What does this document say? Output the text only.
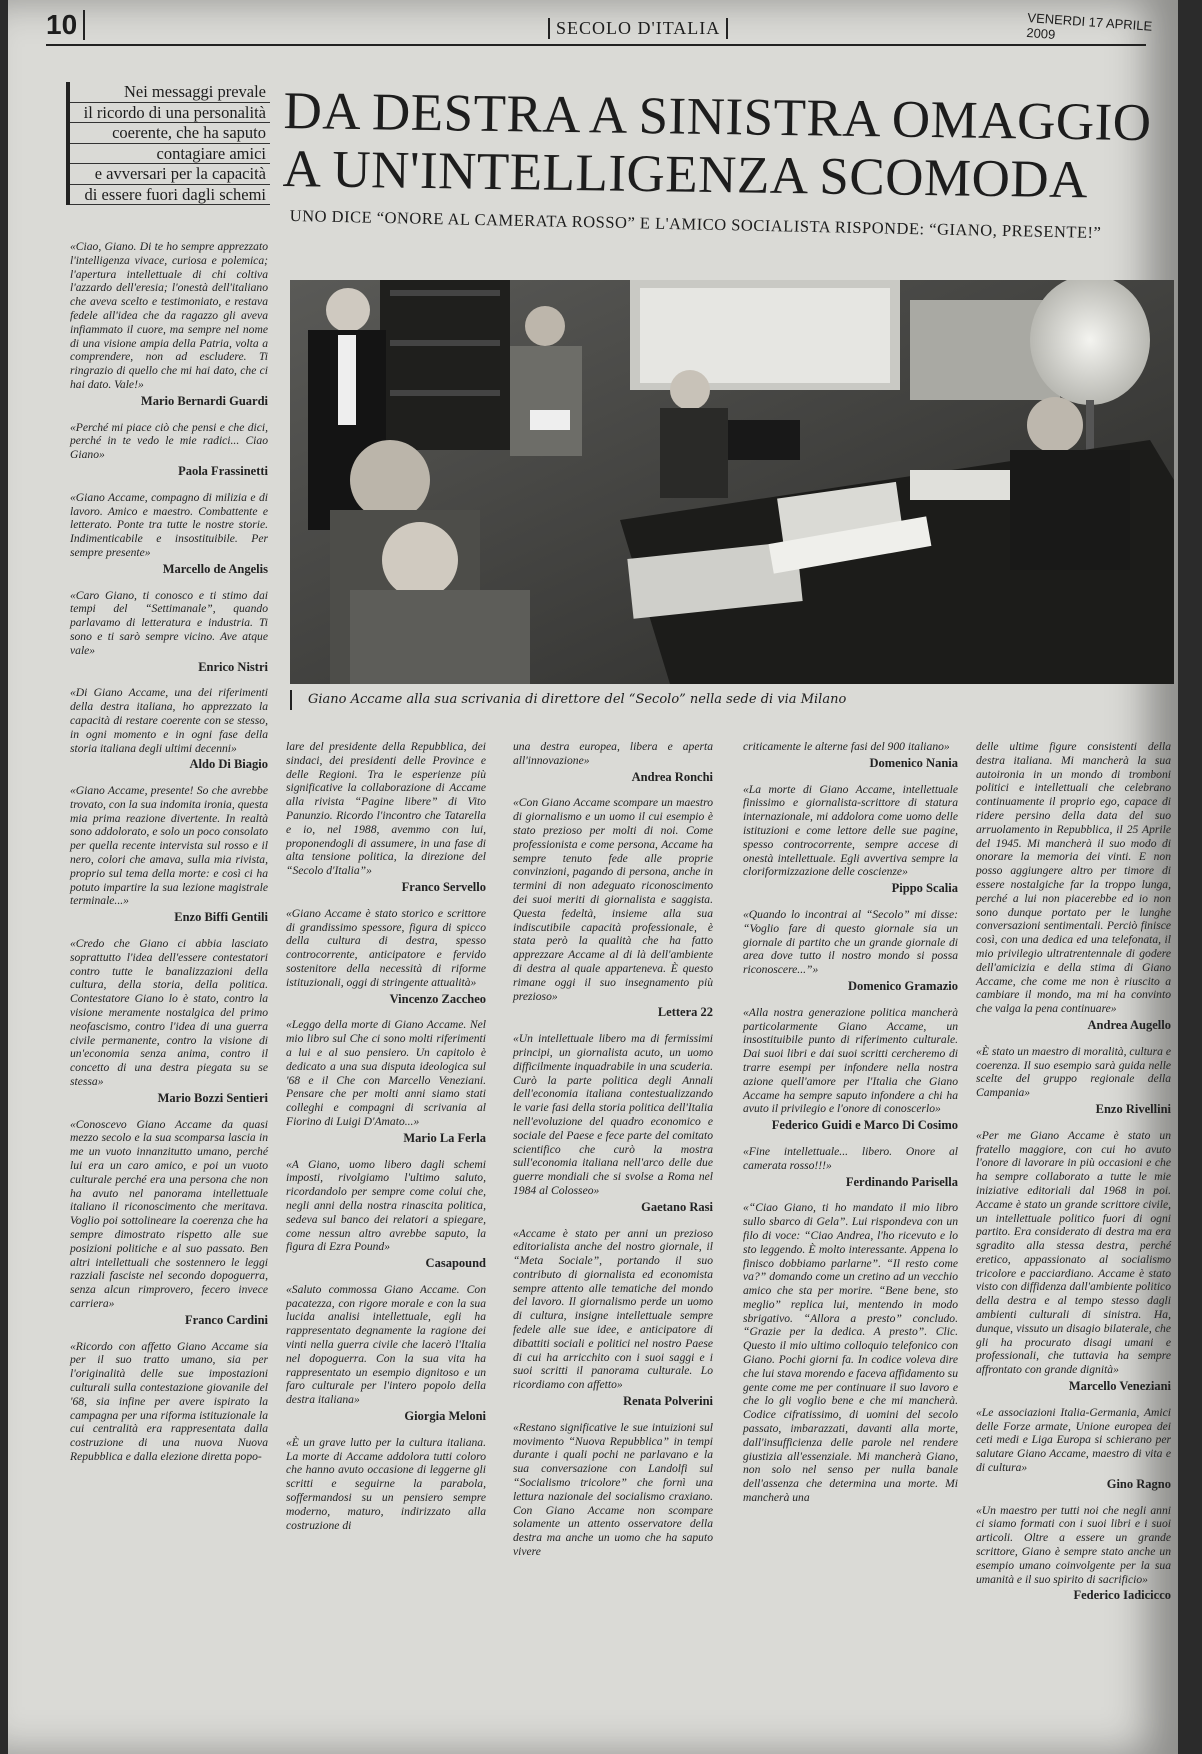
10	SECOLO D'ITALIA	VENERDI 17 APRILE 2009
Nei messaggi prevale
il ricordo di una personalità
coerente, che ha saputo
contagiare amici
e avversari per la capacità
di essere fuori dagli schemi
DA DESTRA A SINISTRA OMAGGIO
A UN'INTELLIGENZA SCOMODA
UNO DICE “ONORE AL CAMERATA ROSSO” E L'AMICO SOCIALISTA RISPONDE: “GIANO, PRESENTE!”
Giano Accame alla sua scrivania di direttore del “Secolo” nella sede di via Milano

«Ciao, Giano. Di te ho sempre apprezzato l'intelligenza vivace, curiosa e polemica; l'apertura intellettuale di chi coltiva l'azzardo dell'eresia; l'onestà dell'italiano che aveva scelto e testimoniato, e restava fedele all'idea che da ragazzo gli aveva infiammato il cuore, ma sempre nel nome di una visione ampia della Patria, volta a comprendere, non ad escludere. Ti ringrazio di quello che mi hai dato, che ci hai dato. Vale!»

Mario Bernardi Guardi

«Perché mi piace ciò che pensi e che dici, perché in te vedo le mie radici... Ciao Giano»

Paola Frassinetti

«Giano Accame, compagno di milizia e di lavoro. Amico e maestro. Combattente e letterato. Ponte tra tutte le nostre storie. Indimenticabile e insostituibile. Per sempre presente»

Marcello de Angelis

«Caro Giano, ti conosco e ti stimo dai tempi del “Settimanale”, quando parlavamo di letteratura e industria. Ti sono e ti sarò sempre vicino. Ave atque vale»

Enrico Nistri

«Di Giano Accame, una dei riferimenti della destra italiana, ho apprezzato la capacità di restare coerente con se stesso, in ogni momento e in ogni fase della storia italiana degli ultimi decenni»

Aldo Di Biagio

«Giano Accame, presente! So che avrebbe trovato, con la sua indomita ironia, questa mia prima reazione divertente. In realtà sono addolorato, e solo un poco consolato per quella recente intervista sul rosso e il nero, colori che amava, sulla mia rivista, proprio sul tema della morte: e così ci ha potuto impartire la sua lezione magistrale terminale...»

Enzo Biffi Gentili

«Credo che Giano ci abbia lasciato soprattutto l'idea dell'essere contestatori contro tutte le banalizzazioni della cultura, della storia, della politica. Contestatore Giano lo è stato, contro la visione meramente nostalgica del primo neofascismo, contro l'idea di una guerra civile permanente, contro la visione di un'economia senza anima, contro il concetto di una destra piegata su se stessa»

Mario Bozzi Sentieri

«Conoscevo Giano Accame da quasi mezzo secolo e la sua scomparsa lascia in me un vuoto innanzitutto umano, perché lui era un caro amico, e poi un vuoto culturale perché era una persona che non ha avuto nel panorama intellettuale italiano il riconoscimento che meritava. Voglio poi sottolineare la coerenza che ha sempre dimostrato rispetto alle sue posizioni politiche e al suo passato. Ben altri intellettuali che sostennero le leggi razziali fasciste nel secondo dopoguerra, senza alcun rimprovero, fecero invece carriera»

Franco Cardini

«Ricordo con affetto Giano Accame sia per il suo tratto umano, sia per l'originalità delle sue impostazioni culturali sulla contestazione giovanile del '68, sia infine per avere ispirato la campagna per una riforma istituzionale la cui centralità era rappresentata dalla costruzione di una nuova Nuova Repubblica e dalla elezione diretta popo-

lare del presidente della Repubblica, dei sindaci, dei presidenti delle Province e delle Regioni. Tra le esperienze più significative la collaborazione di Accame alla rivista “Pagine libere” di Vito Panunzio. Ricordo l'incontro che Tatarella e io, nel 1988, avemmo con lui, proponendogli di assumere, in una fase di alta tensione politica, la direzione del “Secolo d'Italia”»

Franco Servello

«Giano Accame è stato storico e scrittore di grandissimo spessore, figura di spicco della cultura di destra, spesso controcorrente, anticipatore e fervido sostenitore della necessità di riforme istituzionali, oggi di stringente attualità»

Vincenzo Zaccheo

«Leggo della morte di Giano Accame. Nel mio libro sul Che ci sono molti riferimenti a lui e al suo pensiero. Un capitolo è dedicato a una sua disputa ideologica sul '68 e il Che con Marcello Veneziani. Pensare che per molti anni siamo stati colleghi e compagni di scrivania al Fiorino di Luigi D'Amato...»

Mario La Ferla

«A Giano, uomo libero dagli schemi imposti, rivolgiamo l'ultimo saluto, ricordandolo per sempre come colui che, negli anni della nostra rinascita politica, sedeva sul banco dei relatori a spiegare, come nessun altro avrebbe saputo, la figura di Ezra Pound»

Casapound

«Saluto commossa Giano Accame. Con pacatezza, con rigore morale e con la sua lucida analisi intellettuale, egli ha rappresentato degnamente la ragione dei vinti nella guerra civile che lacerò l'Italia nel dopoguerra. Con la sua vita ha rappresentato un esempio dignitoso e un faro culturale per l'intero popolo della destra italiana»

Giorgia Meloni

«È un grave lutto per la cultura italiana. La morte di Accame addolora tutti coloro che hanno avuto occasione di leggerne gli scritti e seguirne la parabola, soffermandosi su un pensiero sempre moderno, maturo, indirizzato alla costruzione di

una destra europea, libera e aperta all'innovazione»

Andrea Ronchi

«Con Giano Accame scompare un maestro di giornalismo e un uomo il cui esempio è stato prezioso per molti di noi. Come professionista e come persona, Accame ha sempre tenuto fede alle proprie convinzioni, pagando di persona, anche in termini di non adeguato riconoscimento dei suoi meriti di giornalista e saggista. Questa fedeltà, insieme alla sua indiscutibile capacità professionale, è stata però la qualità che ha fatto apprezzare Accame al di là dell'ambiente di destra al quale apparteneva. È questo rimane oggi il suo insegnamento più prezioso»

Lettera 22

«Un intellettuale libero ma di fermissimi principi, un giornalista acuto, un uomo difficilmente inquadrabile in una scuderia. Curò la parte politica degli Annali dell'economia italiana contestualizzando le varie fasi della storia politica dell'Italia nell'evoluzione del quadro economico e sociale del Paese e fece parte del comitato scientifico che curò la mostra sull'economia italiana nell'arco delle due guerre mondiali che si svolse a Roma nel 1984 al Colosseo»

Gaetano Rasi

«Accame è stato per anni un prezioso editorialista anche del nostro giornale, il “Meta Sociale”, portando il suo contributo di giornalista ed economista sempre attento alle tematiche del mondo del lavoro. Il giornalismo perde un uomo di cultura, insigne intellettuale sempre fedele alle sue idee, e anticipatore di dibattiti sociali e politici nel nostro Paese di cui ha arricchito con i suoi saggi e i suoi scritti il panorama culturale. Lo ricordiamo con affetto»

Renata Polverini

«Restano significative le sue intuizioni sul movimento “Nuova Repubblica” in tempi durante i quali pochi ne parlavano e la sua conversazione con Landolfi sul “Socialismo tricolore” che fornì una lettura nazionale del socialismo craxiano. Con Giano Accame non scompare solamente un attento osservatore della destra ma anche un uomo che ha saputo vivere

criticamente le alterne fasi del 900 italiano»

Domenico Nania

«La morte di Giano Accame, intellettuale finissimo e giornalista-scrittore di statura internazionale, mi addolora come uomo delle istituzioni e come lettore delle sue pagine, spesso controcorrente, sempre accese di onestà intellettuale. Egli avvertiva sempre la cloriformizzazione delle coscienze»

Pippo Scalia

«Quando lo incontrai al “Secolo” mi disse: “Voglio fare di questo giornale sia un giornale di partito che un grande giornale di area dove tutto il nostro mondo si possa riconoscere...”»

Domenico Gramazio

«Alla nostra generazione politica mancherà particolarmente Giano Accame, un insostituibile punto di riferimento culturale. Dai suoi libri e dai suoi scritti cercheremo di trarre esempi per infondere nella nostra azione quell'amore per l'Italia che Giano Accame ha sempre saputo infondere a chi ha avuto il privilegio e l'onore di conoscerlo»

Federico Guidi e Marco Di Cosimo

«Fine intellettuale... libero. Onore al camerata rosso!!!»

Ferdinando Parisella

«“Ciao Giano, ti ho mandato il mio libro sullo sbarco di Gela”. Lui rispondeva con un filo di voce: “Ciao Andrea, l'ho ricevuto e lo sto leggendo. È molto interessante. Appena lo finisco dobbiamo parlarne”. “Il resto come va?” domando come un cretino ad un vecchio amico che sta per morire. “Bene bene, sto meglio” replica lui, mentendo in modo sbrigativo. “Allora a presto” concludo. “Grazie per la dedica. A presto”. Clic. Questo il mio ultimo colloquio telefonico con Giano. Pochi giorni fa. In codice voleva dire che lui stava morendo e faceva affidamento su gente come me per continuare il suo lavoro e che lo gli voglio bene e che mi mancherà. Codice cifratissimo, di uomini del secolo passato, imbarazzati, davanti alla morte, dall'insufficienza delle parole nel rendere giustizia all'essenziale. Mi mancherà Giano, non solo nel senso per nulla banale dell'assenza che determina una morte. Mi mancherà una

delle ultime figure consistenti della destra italiana. Mi mancherà la sua autoironia in un mondo di tromboni politici e intellettuali che celebrano continuamente il proprio ego, capace di ridere persino della data del suo arruolamento in Repubblica, il 25 Aprile del 1945. Mi mancherà il suo modo di onorare la memoria dei vinti. E non posso aggiungere altro per timore di essere nostalgiche far la troppo lunga, perché a lui non piacerebbe ed io non sono dunque portato per le lunghe conversazioni sentimentali. Perciò finisce così, con una dedica ed una telefonata, il mio privilegio ultratrentennale di godere dell'amicizia e della stima di Giano Accame, che come me non è riuscito a cambiare il mondo, ma mi ha convinto che valga la pena continuare»

Andrea Augello

«È stato un maestro di moralità, cultura e coerenza. Il suo esempio sarà guida nelle scelte del gruppo regionale della Campania»

Enzo Rivellini

«Per me Giano Accame è stato un fratello maggiore, con cui ho avuto l'onore di lavorare in più occasioni e che ha sempre collaborato a tutte le mie iniziative editoriali dal 1968 in poi. Accame è stato un grande scrittore civile, un intellettuale politico fuori di ogni partito. Era considerato di destra ma era sgradito alla stessa destra, perché eretico, appassionato al socialismo tricolore e pacciardiano. Accame è stato visto con diffidenza dall'ambiente politico della destra e al tempo stesso dagli ambienti culturali di sinistra. Ha, dunque, vissuto un disagio bilaterale, che gli ha procurato disagi umani e professionali, che tuttavia ha sempre affrontato con grande dignità»

Marcello Veneziani

«Le associazioni Italia-Germania, Amici delle Forze armate, Unione europea dei ceti medi e Liga Europa si schierano per salutare Giano Accame, maestro di vita e di cultura»

Gino Ragno

«Un maestro per tutti noi che negli anni ci siamo formati con i suoi libri e i suoi articoli. Oltre a essere un grande scrittore, Giano è sempre stato anche un esempio umano coinvolgente per la sua umanità e il suo spirito di sacrificio»

Federico Iadicicco
